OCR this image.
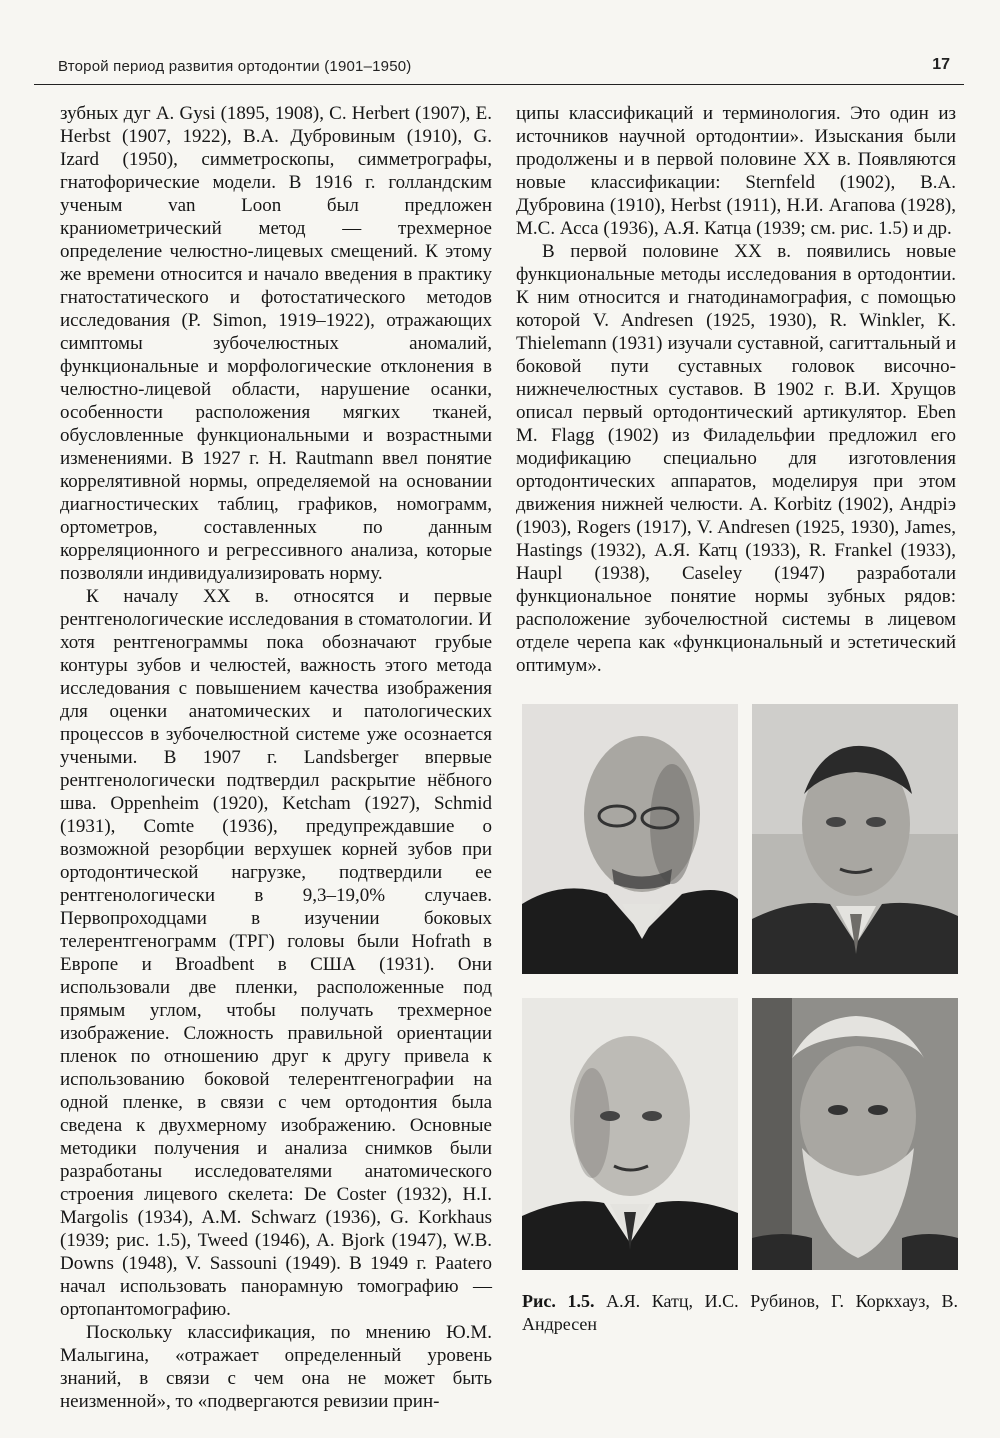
Второй период развития ортодонтии (1901–1950)	17

зубных дуг A. Gysi (1895, 1908), C. Herbert (1907), E. Herbst (1907, 1922), В.А. Дубровиным (1910), G. Izard (1950), симметроскопы, симметрографы, гнатофорические модели. В 1916 г. голландским ученым van Loon был предложен краниометрический метод — трехмерное определение челюстно-лицевых смещений. К этому же времени относится и начало введения в практику гнатостатического и фотостатического методов исследования (P. Simon, 1919–1922), отражающих симптомы зубочелюстных аномалий, функциональные и морфологические отклонения в челюстно-лицевой области, нарушение осанки, особенности расположения мягких тканей, обусловленные функциональными и возрастными изменениями. В 1927 г. H. Rautmann ввел понятие коррелятивной нормы, определяемой на основании диагностических таблиц, графиков, номограмм, ортометров, составленных по данным корреляционного и регрессивного анализа, которые позволяли индивидуализировать норму.

К началу XX в. относятся и первые рентгенологические исследования в стоматологии. И хотя рентгенограммы пока обозначают грубые контуры зубов и челюстей, важность этого метода исследования с повышением качества изображения для оценки анатомических и патологических процессов в зубочелюстной системе уже осознается учеными. В 1907 г. Landsberger впервые рентгенологически подтвердил раскрытие нёбного шва. Oppenheim (1920), Ketcham (1927), Schmid (1931), Comte (1936), предупреждавшие о возможной резорбции верхушек корней зубов при ортодонтической нагрузке, подтвердили ее рентгенологически в 9,3–19,0% случаев. Первопроходцами в изучении боковых телерентгенограмм (ТРГ) головы были Hofrath в Европе и Broadbent в США (1931). Они использовали две пленки, расположенные под прямым углом, чтобы получать трехмерное изображение. Сложность правильной ориентации пленок по отношению друг к другу привела к использованию боковой телерентгенографии на одной пленке, в связи с чем ортодонтия была сведена к двухмерному изображению. Основные методики получения и анализа снимков были разработаны исследователями анатомического строения лицевого скелета: De Coster (1932), H.I. Margolis (1934), A.M. Schwarz (1936), G. Korkhaus (1939; рис. 1.5), Tweed (1946), A. Bjork (1947), W.B. Downs (1948), V. Sassouni (1949). В 1949 г. Paatero начал использовать панорамную томографию — ортопантомографию.

Поскольку классификация, по мнению Ю.М. Малыгина, «отражает определенный уровень знаний, в связи с чем она не может быть неизменной», то «подвергаются ревизии прин-

ципы классификаций и терминология. Это один из источников научной ортодонтии». Изыскания были продолжены и в первой половине XX в. Появляются новые классификации: Sternfeld (1902), В.А. Дубровина (1910), Herbst (1911), Н.И. Агапова (1928), М.С. Асса (1936), А.Я. Катца (1939; см. рис. 1.5) и др.

В первой половине XX в. появились новые функциональные методы исследования в ортодонтии. К ним относится и гнатодинамография, с помощью которой V. Andresen (1925, 1930), R. Winkler, K. Thielemann (1931) изучали суставной, сагиттальный и боковой пути суставных головок височно-нижнечелюстных суставов. В 1902 г. В.И. Хрущов описал первый ортодонтический артикулятор. Eben M. Flagg (1902) из Филадельфии предложил его модификацию специально для изготовления ортодонтических аппаратов, моделируя при этом движения нижней челюсти. A. Korbitz (1902), Андрiэ (1903), Rogers (1917), V. Andresen (1925, 1930), James, Hastings (1932), А.Я. Катц (1933), R. Frankel (1933), Haupl (1938), Caseley (1947) разработали функциональное понятие нормы зубных рядов: расположение зубочелюстной системы в лицевом отделе черепа как «функциональный и эстетический оптимум».

Рис. 1.5. А.Я. Катц, И.С. Рубинов, Г. Коркхауз, В. Андресен
